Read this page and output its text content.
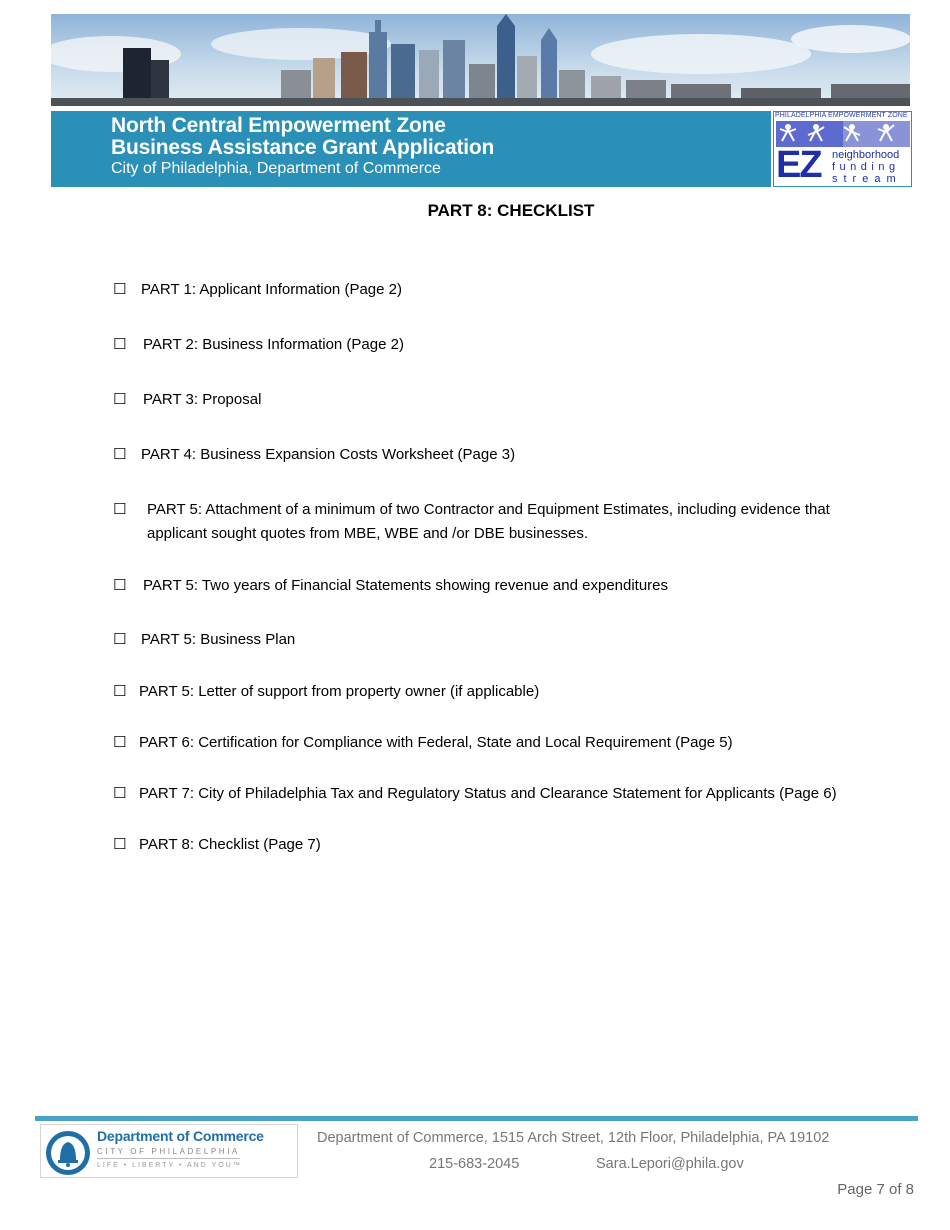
North Central Empowerment Zone
Business Assistance Grant Application
City of Philadelphia, Department of Commerce
PHILADELPHIA EMPOWERMENT ZONE
EZ neighborhood
funding
stream
PART 8: CHECKLIST
☐ PART 1: Applicant Information (Page 2)
☐	PART 2: Business Information (Page 2)
☐	PART 3: Proposal
☐ PART 4: Business Expansion Costs Worksheet (Page 3)
☐	PART 5: Attachment of a minimum of two Contractor and Equipment Estimates, including evidence that applicant sought quotes from MBE, WBE and /or DBE businesses.
☐	PART 5: Two years of Financial Statements showing revenue and expenditures
☐ PART 5: Business Plan
☐ PART 5: Letter of support from property owner (if applicable)
☐ PART 6: Certification for Compliance with Federal, State and Local Requirement (Page 5)
☐ PART 7: City of Philadelphia Tax and Regulatory Status and Clearance Statement for Applicants (Page 6)
☐ PART 8: Checklist (Page 7)
Department of Commerce
CITY OF PHILADELPHIA
LIFE • LIBERTY • AND YOU™
Department of Commerce, 1515 Arch Street, 12th Floor, Philadelphia, PA 19102
215-683-2045	Sara.Lepori@phila.gov
Page 7 of 8
